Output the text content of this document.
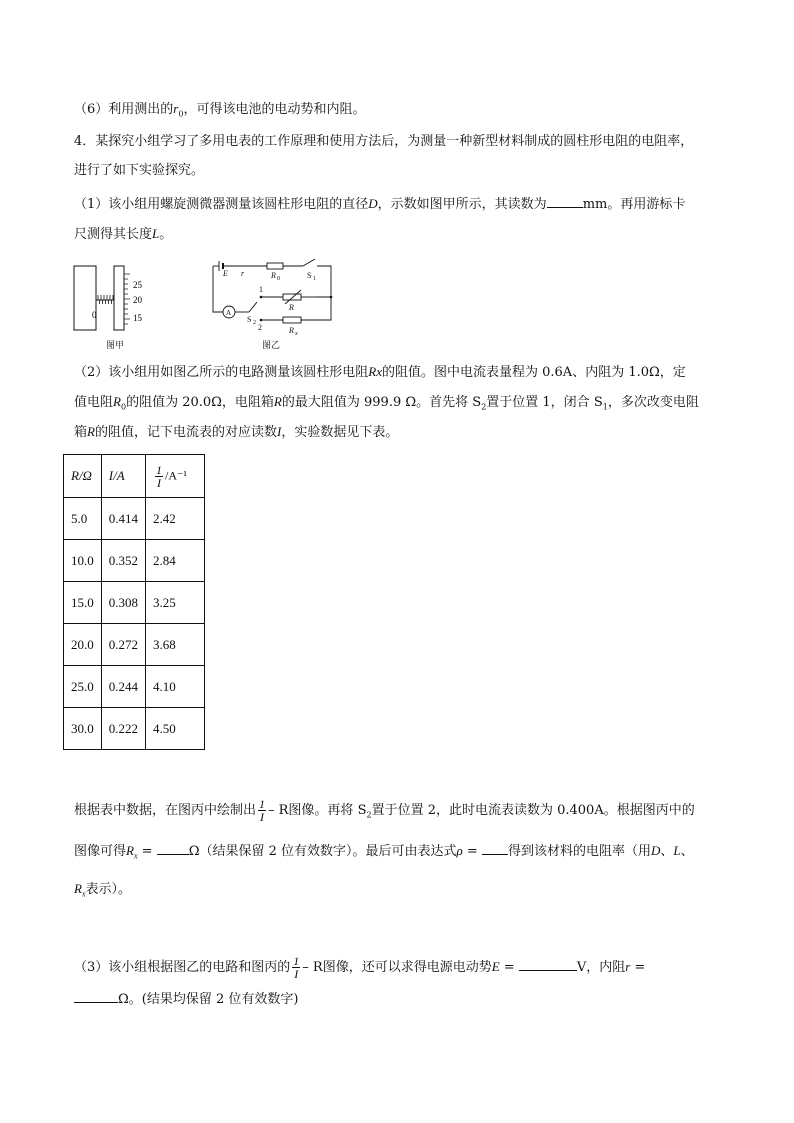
（6）利用测出的$r_0$，可得该电池的电动势和内阻。
4．某探究小组学习了多用电表的工作原理和使用方法后，为测量一种新型材料制成的圆柱形电阻的电阻率，
进行了如下实验探究。
（1）该小组用螺旋测微器测量该圆柱形电阻的直径D，示数如图甲所示，其读数为	mm。再用游标卡
尺测得其长度L。
25
20
15
0
图甲
E r	R 0	S 1
1
R
A
S 2 2	R x
图乙
（2）该小组用如图乙所示的电路测量该圆柱形电阻Rx的阻值。图中电流表量程为 0.6A、内阻为 1.0Ω，定
值电阻$R_0$的阻值为 20.0Ω，电阻箱R的最大阻值为 999.9 Ω。首先将 $S_2$置于位置 1，闭合 $S_1$，多次改变电阻
箱R的阻值，记下电流表的对应读数I，实验数据见下表。
R/Ω	I/A	$\frac{1}{I} /A^{-1}$
5.0	0.414	2.42
10.0	0.352	2.84
15.0	0.308	3.25
20.0	0.272	3.68
25.0	0.244	4.10
30.0	0.222	4.50
根据表中数据，在图丙中绘制出 $\frac{1}{I}$ – R图像。再将 $S_2$置于位置 2，此时电流表读数为 0.400A。根据图丙中的
图像可得$R_x = \Omega$（结果保留 2 位有效数字）。最后可由表达式ρ = 得到该材料的电阻率（用D、L、
$R_x$表示）。
（3）该小组根据图乙的电路和图丙的 $\frac{1}{I}$ – R图像，还可以求得电源电动势E =	V，内阻r =
Ω。(结果均保留 2 位有效数字)
